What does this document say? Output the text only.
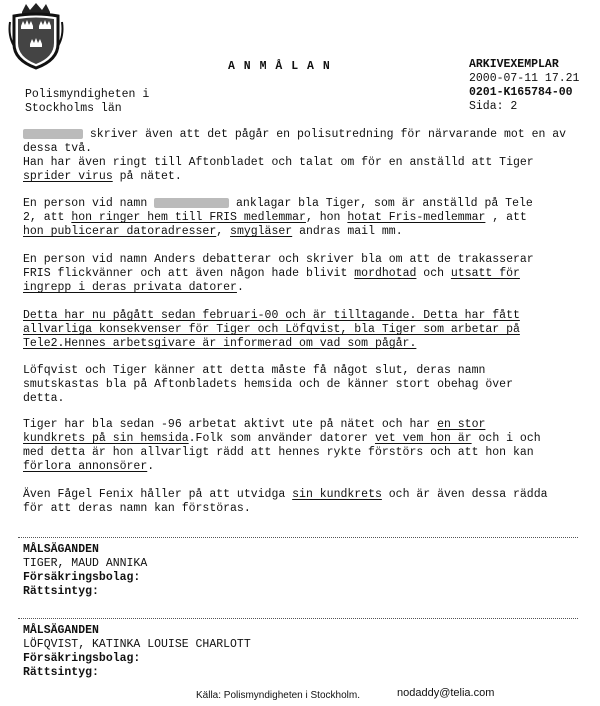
A N M Å L A N
Polismyndigheten i
Stockholms län
ARKIVEXEMPLAR
2000-07-11 17.21
0201-K165784-00
Sida: 2
skriver även att det pågår en polisutredning för närvarande mot en av
dessa två.
Han har även ringt till Aftonbladet och talat om för en anställd att Tiger
sprider virus på nätet.
En person vid namn	anklagar bla Tiger, som är anställd på Tele
2, att hon ringer hem till FRIS medlemmar, hon hotat Fris-medlemmar , att
hon publicerar datoradresser, smygläser andras mail mm.
En person vid namn Anders debatterar och skriver bla om att de trakasserar
FRIS flickvänner och att även någon hade blivit mordhotad och utsatt för
ingrepp i deras privata datorer.
Detta har nu pågått sedan februari-00 och är tilltagande. Detta har fått
allvarliga konsekvenser för Tiger och Löfqvist, bla Tiger som arbetar på
Tele2.Hennes arbetsgivare är informerad om vad som pågår.
Löfqvist och Tiger känner att detta måste få något slut, deras namn
smutskastas bla på Aftonbladets hemsida och de känner stort obehag över
detta.
Tiger har bla sedan -96 arbetat aktivt ute på nätet och har en stor
kundkrets på sin hemsida.Folk som använder datorer vet vem hon är och i och
med detta är hon allvarligt rädd att hennes rykte förstörs och att hon kan
förlora annonsörer.
Även Fågel Fenix håller på att utvidga sin kundkrets och är även dessa rädda
för att deras namn kan förstöras.
MÅLSÄGANDEN
TIGER, MAUD ANNIKA
Försäkringsbolag:
Rättsintyg:
MÅLSÄGANDEN
LÖFQVIST, KATINKA LOUISE CHARLOTT
Försäkringsbolag:
Rättsintyg:
Källa: Polismyndigheten i Stockholm.	nodaddy@telia.com
